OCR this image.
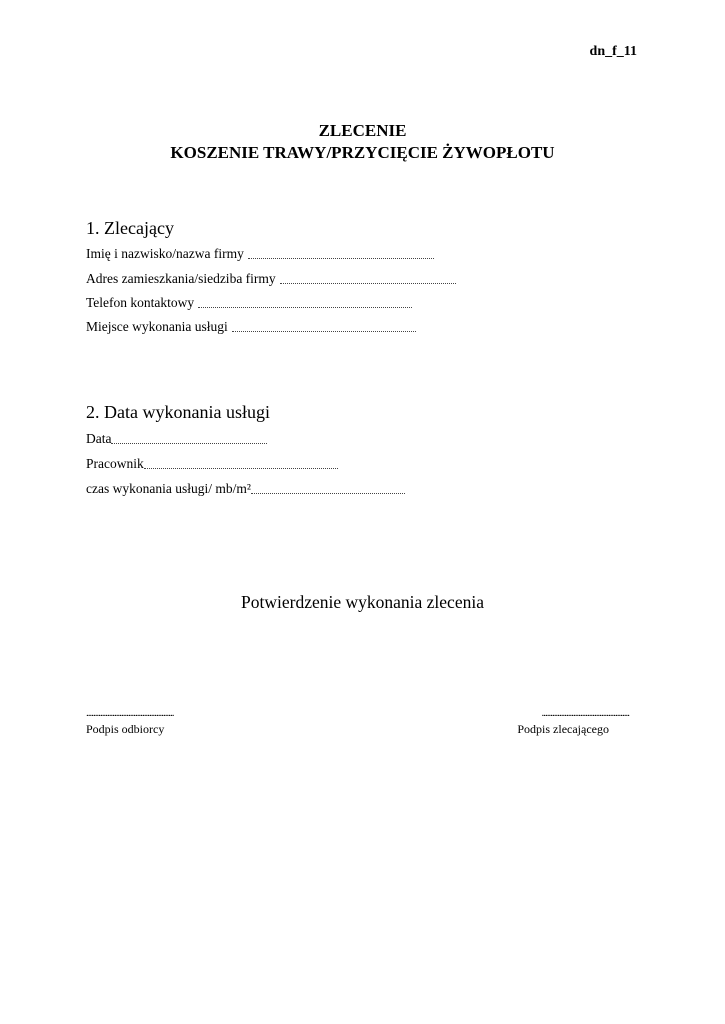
dn_f_11
ZLECENIE
KOSZENIE TRAWY/PRZYCIĘCIE ŻYWOPŁOTU
1. Zlecający
Imię i nazwisko/nazwa firmy
Adres zamieszkania/siedziba firmy
Telefon kontaktowy
Miejsce wykonania usługi
2. Data wykonania usługi
Data
Pracownik
czas wykonania usługi/ mb/m²
Potwierdzenie wykonania zlecenia
..................................................
Podpis odbiorcy
..................................................
Podpis zlecającego
